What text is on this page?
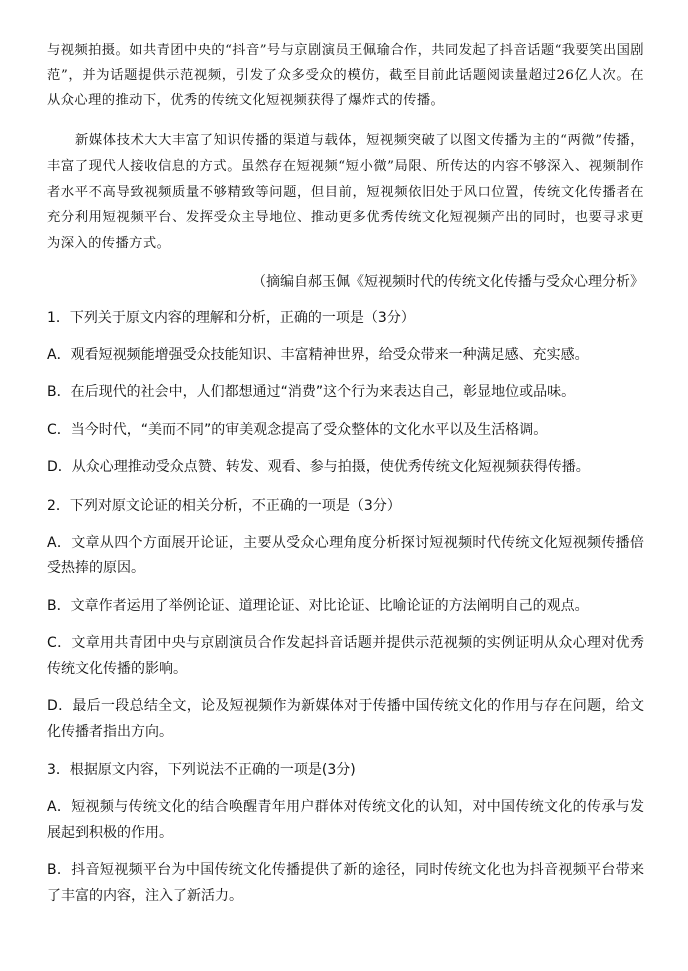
与视频拍摄。如共青团中央的“抖音”号与京剧演员王佩瑜合作，共同发起了抖音话题“我要笑出国剧范”，并为话题提供示范视频，引发了众多受众的模仿，截至目前此话题阅读量超过26亿人次。在从众心理的推动下，优秀的传统文化短视频获得了爆炸式的传播。

新媒体技术大大丰富了知识传播的渠道与载体，短视频突破了以图文传播为主的“两微”传播，丰富了现代人接收信息的方式。虽然存在短视频“短小微”局限、所传达的内容不够深入、视频制作者水平不高导致视频质量不够精致等问题，但目前，短视频依旧处于风口位置，传统文化传播者在充分利用短视频平台、发挥受众主导地位、推动更多优秀传统文化短视频产出的同时，也要寻求更为深入的传播方式。

（摘编自郝玉佩《短视频时代的传统文化传播与受众心理分析》

1．下列关于原文内容的理解和分析，正确的一项是（3分）

A．观看短视频能增强受众技能知识、丰富精神世界，给受众带来一种满足感、充实感。

B．在后现代的社会中，人们都想通过“消费”这个行为来表达自己，彰显地位或品味。

C．当今时代，“美而不同”的审美观念提高了受众整体的文化水平以及生活格调。

D．从众心理推动受众点赞、转发、观看、参与拍摄，使优秀传统文化短视频获得传播。

2．下列对原文论证的相关分析，不正确的一项是（3分）

A．文章从四个方面展开论证，主要从受众心理角度分析探讨短视频时代传统文化短视频传播倍受热捧的原因。

B．文章作者运用了举例论证、道理论证、对比论证、比喻论证的方法阐明自己的观点。

C．文章用共青团中央与京剧演员合作发起抖音话题并提供示范视频的实例证明从众心理对优秀传统文化传播的影响。

D．最后一段总结全文，论及短视频作为新媒体对于传播中国传统文化的作用与存在问题，给文化传播者指出方向。

3．根据原文内容，下列说法不正确的一项是(3分)

A．短视频与传统文化的结合唤醒青年用户群体对传统文化的认知，对中国传统文化的传承与发展起到积极的作用。

B．抖音短视频平台为中国传统文化传播提供了新的途径，同时传统文化也为抖音视频平台带来了丰富的内容，注入了新活力。
